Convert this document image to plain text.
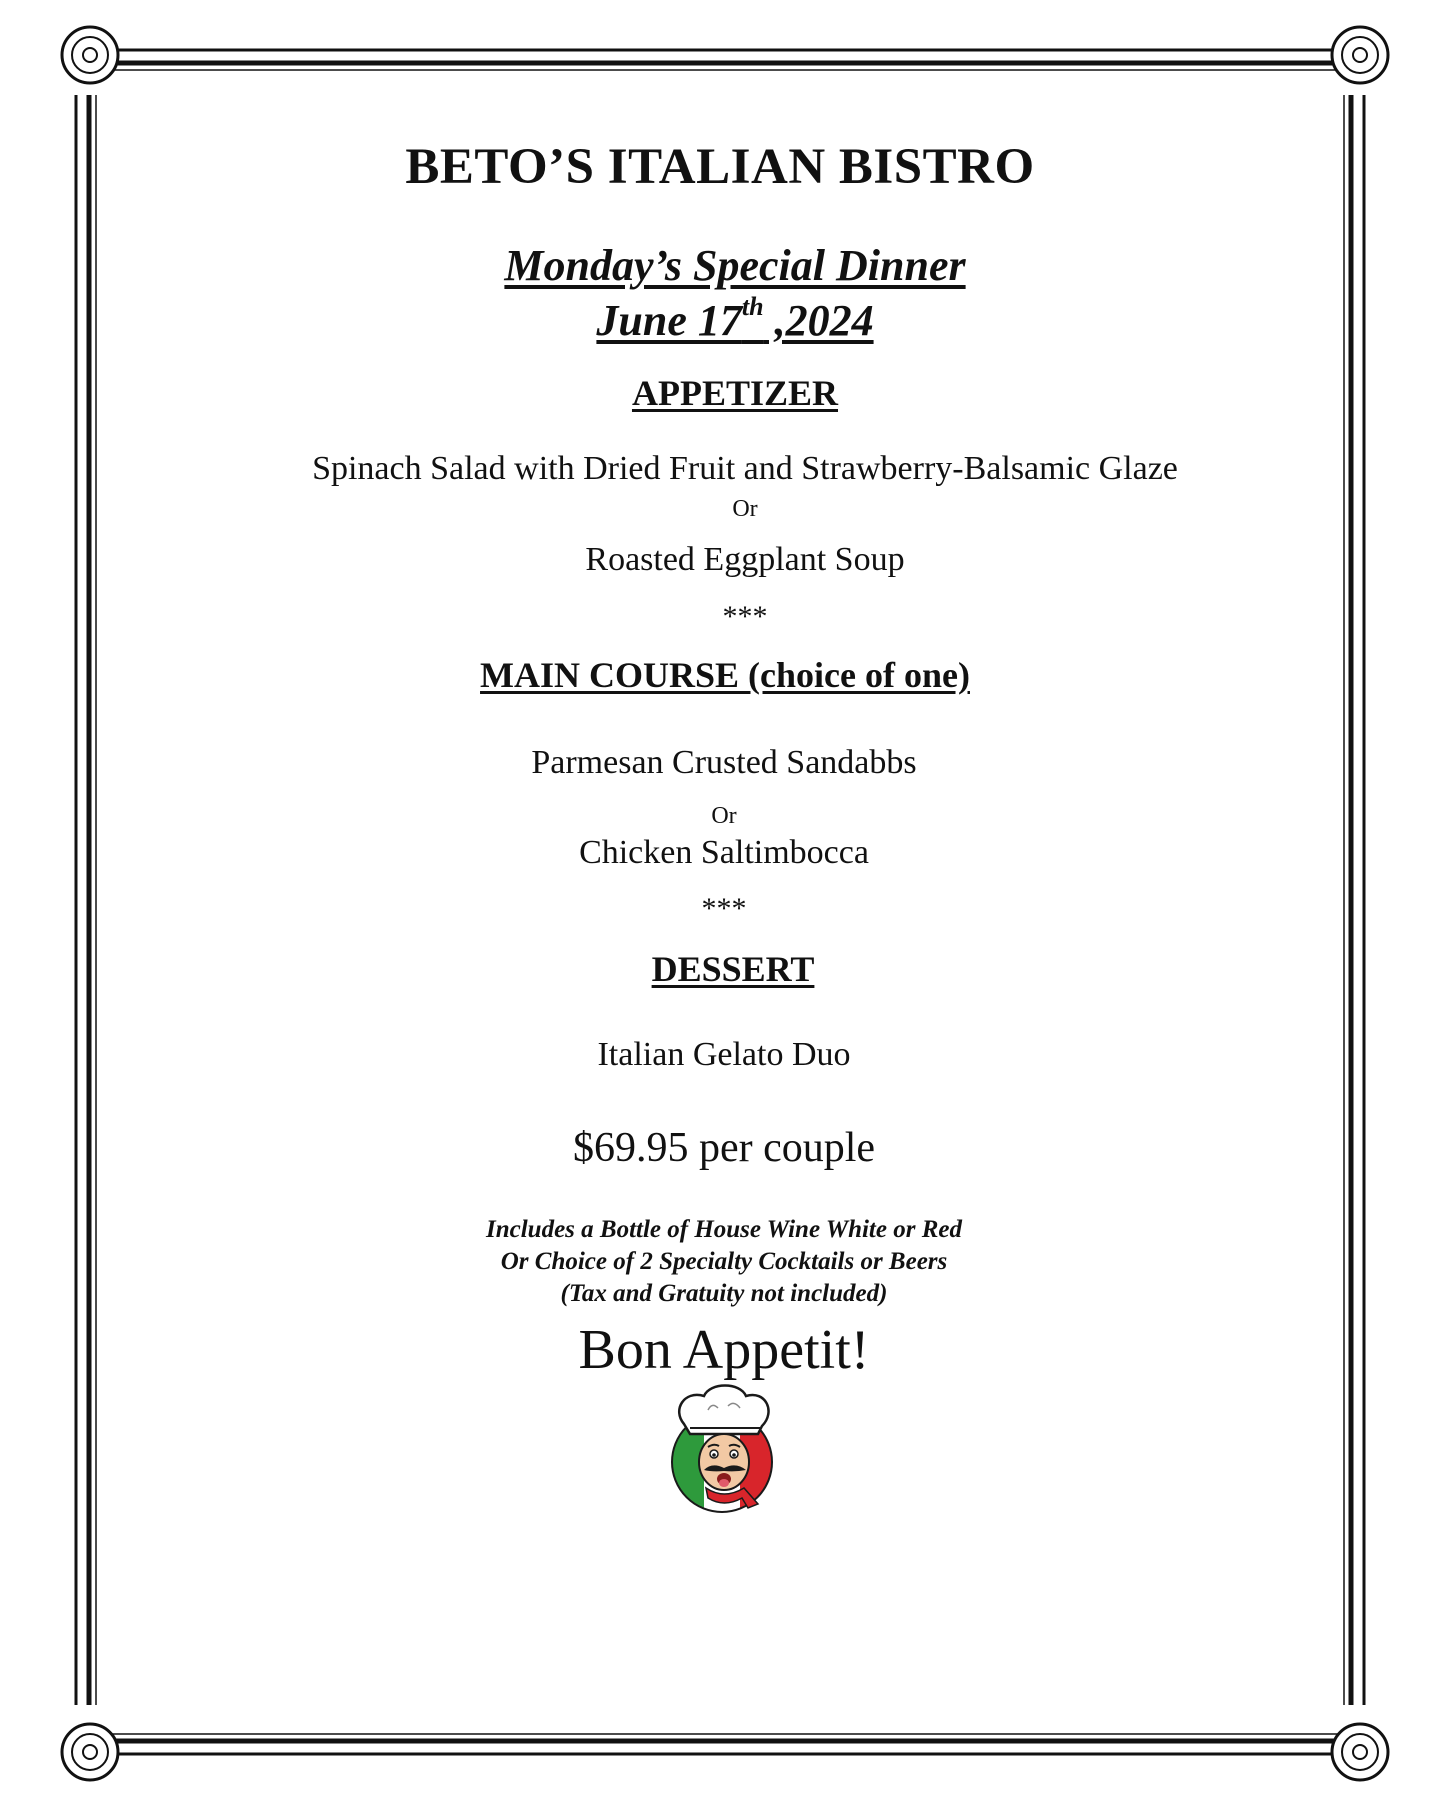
BETO’S ITALIAN BISTRO
Monday’s Special Dinner
June 17th ,2024
APPETIZER
Spinach Salad with Dried Fruit and Strawberry-Balsamic Glaze
Or
Roasted Eggplant Soup
***
MAIN COURSE (choice of one)
Parmesan Crusted Sandabbs
Or
Chicken Saltimbocca
***
DESSERT
Italian Gelato Duo
$69.95 per couple
Includes a Bottle of House Wine White or Red
Or Choice of 2 Specialty Cocktails or Beers
(Tax and Gratuity not included)
Bon Appetit!
